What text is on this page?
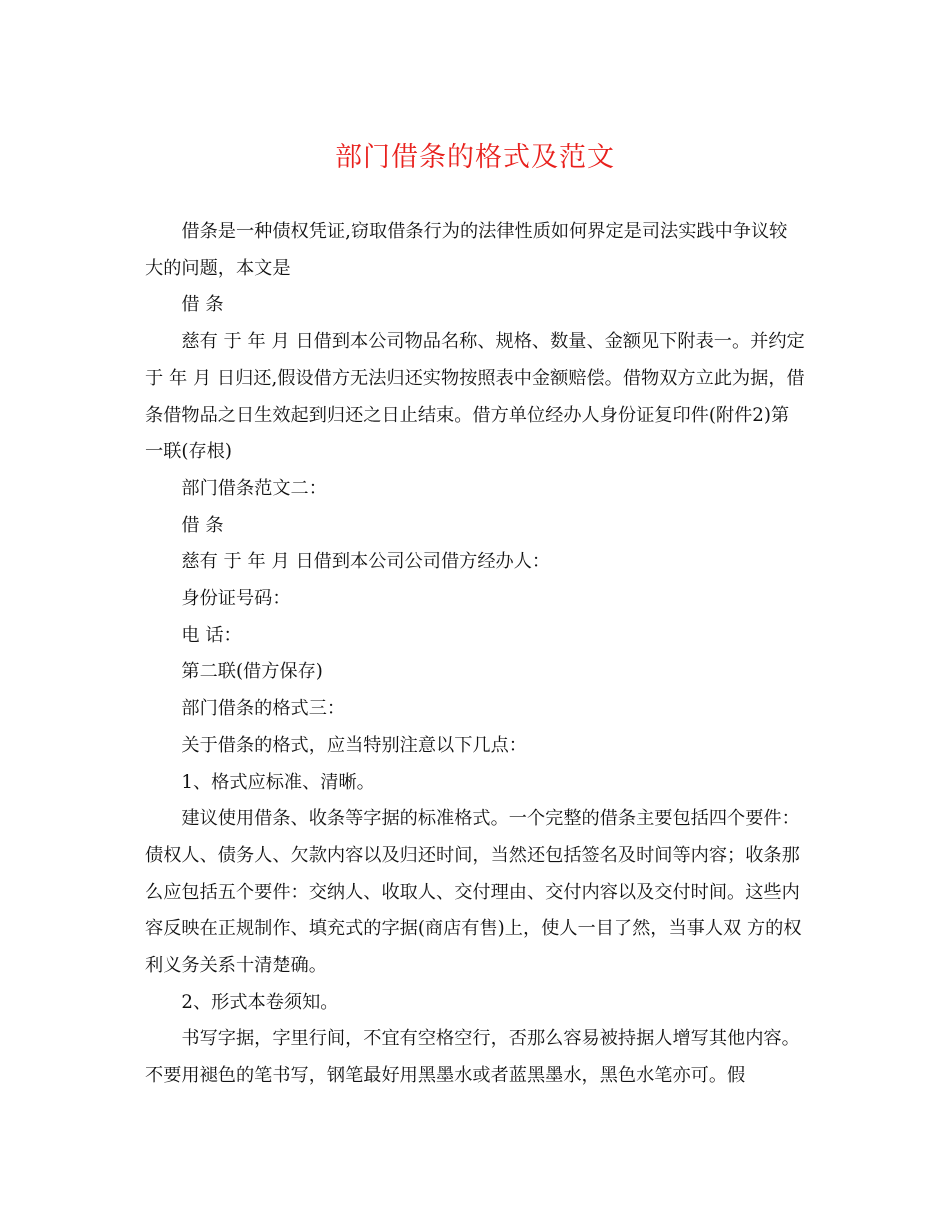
部门借条的格式及范文

借条是一种债权凭证,窃取借条行为的法律性质如何界定是司法实践中争议较大的问题，本文是

借 条

慈有 于 年 月 日借到本公司物品名称、规格、数量、金额见下附表一。并约定于 年 月 日归还,假设借方无法归还实物按照表中金额赔偿。借物双方立此为据，借条借物品之日生效起到归还之日止结束。借方单位经办人身份证复印件(附件2)第一联(存根)

部门借条范文二：

借 条

慈有 于 年 月 日借到本公司公司借方经办人：

身份证号码：

电 话：

第二联(借方保存)

部门借条的格式三：

关于借条的格式，应当特别注意以下几点：

1、格式应标准、清晰。

建议使用借条、收条等字据的标准格式。一个完整的借条主要包括四个要件：债权人、债务人、欠款内容以及归还时间，当然还包括签名及时间等内容；收条那么应包括五个要件：交纳人、收取人、交付理由、交付内容以及交付时间。这些内容反映在正规制作、填充式的字据(商店有售)上，使人一目了然，当事人双 方的权利义务关系十清楚确。

2、形式本卷须知。

书写字据，字里行间，不宜有空格空行，否那么容易被持据人增写其他内容。不要用褪色的笔书写，钢笔最好用黑墨水或者蓝黑墨水，黑色水笔亦可。假
